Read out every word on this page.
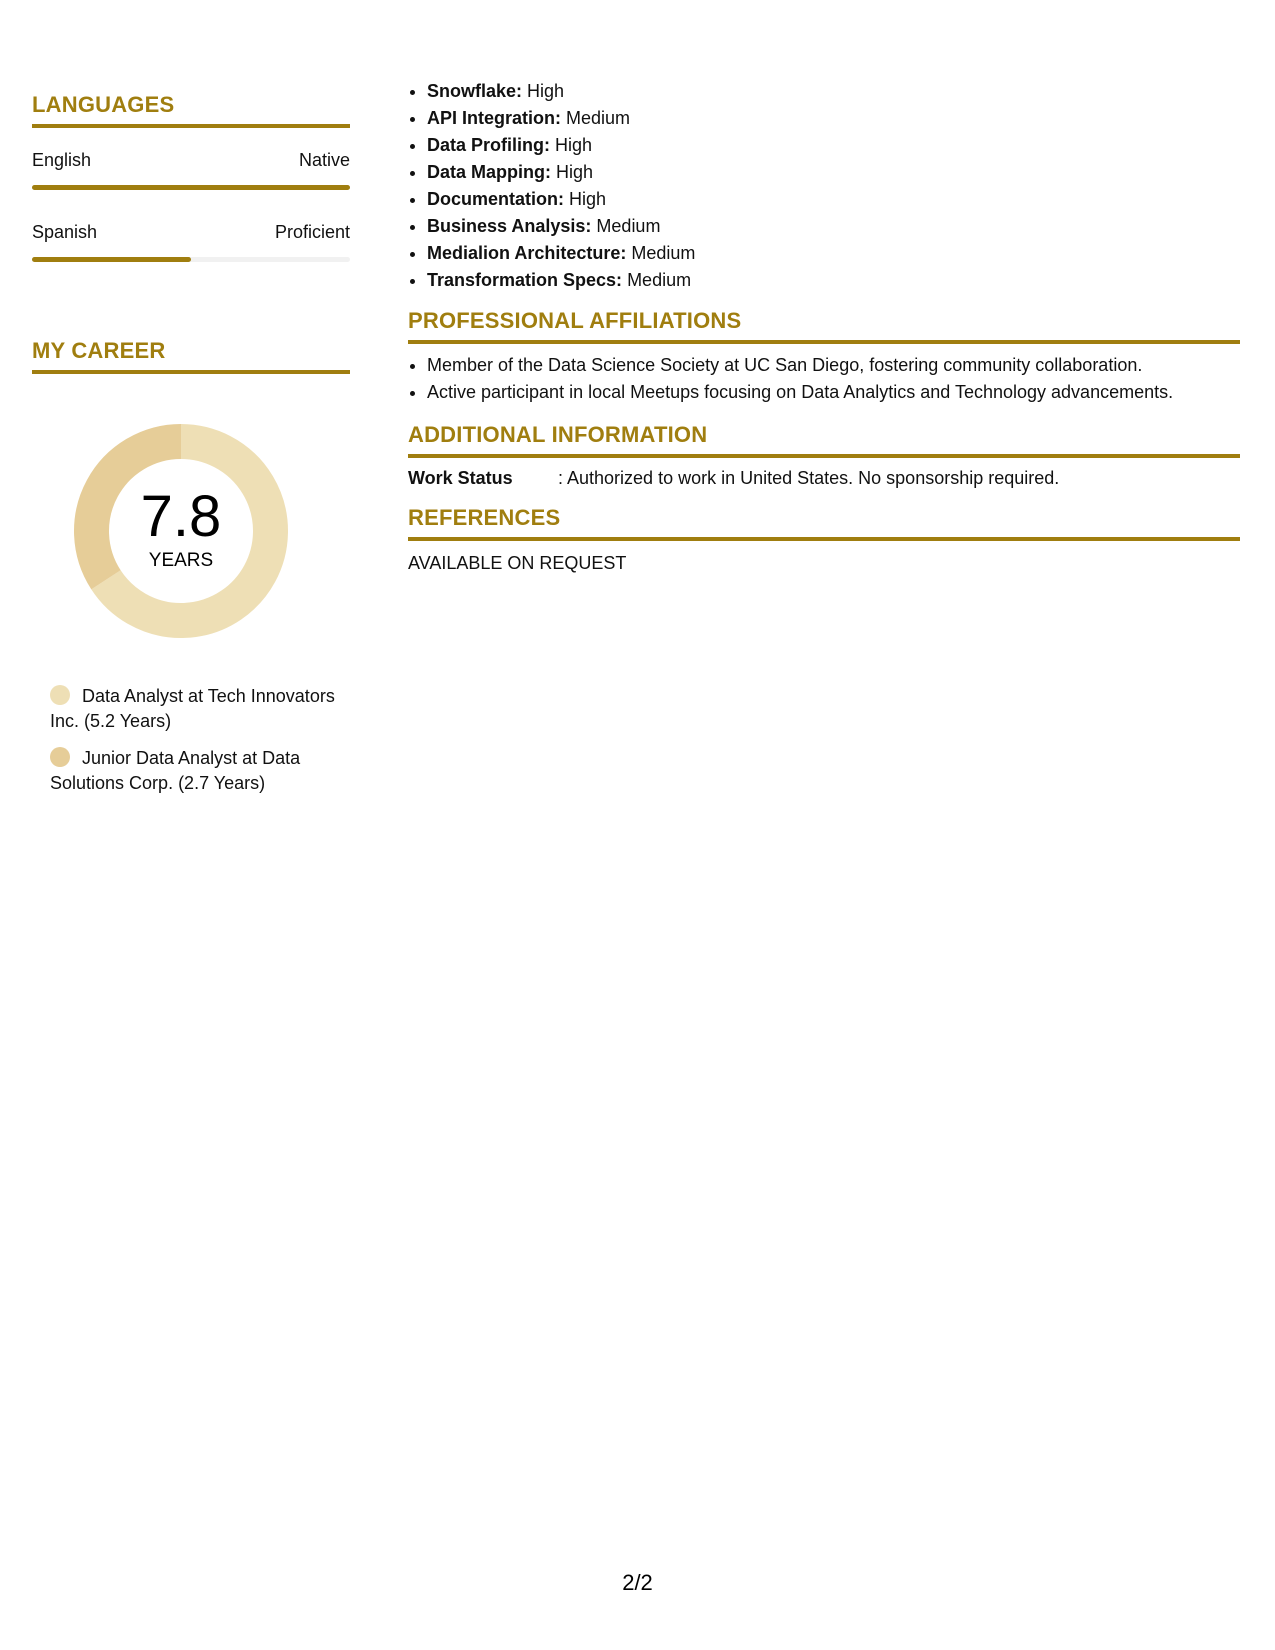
LANGUAGES
English	Native
Spanish	Proficient
MY CAREER
7.8
YEARS
Data Analyst at Tech Innovators Inc. (5.2 Years)
Junior Data Analyst at Data Solutions Corp. (2.7 Years)
• Snowflake: High
• API Integration: Medium
• Data Profiling: High
• Data Mapping: High
• Documentation: High
• Business Analysis: Medium
• Medialion Architecture: Medium
• Transformation Specs: Medium
PROFESSIONAL AFFILIATIONS
• Member of the Data Science Society at UC San Diego, fostering community collaboration.
• Active participant in local Meetups focusing on Data Analytics and Technology advancements.
ADDITIONAL INFORMATION
Work Status	: Authorized to work in United States. No sponsorship required.
REFERENCES
AVAILABLE ON REQUEST
2/2
